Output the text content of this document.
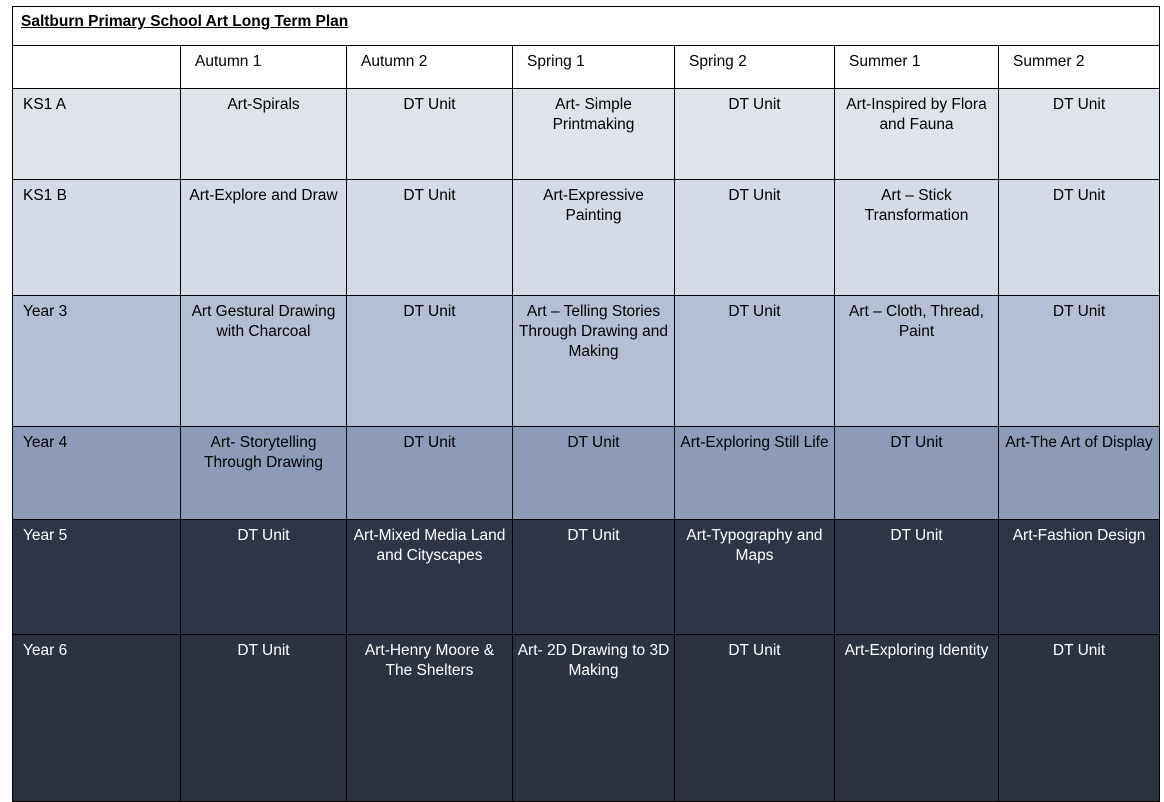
Saltburn Primary School Art Long Term Plan						
	Autumn 1	Autumn 2	Spring 1	Spring 2	Summer 1	Summer 2
KS1 A	Art-Spirals	DT Unit	Art- Simple Printmaking	DT Unit	Art-Inspired by Flora and Fauna	DT Unit
KS1 B	Art-Explore and Draw	DT Unit	Art-Expressive Painting	DT Unit	Art – Stick Transformation	DT Unit
Year 3	Art Gestural Drawing with Charcoal	DT Unit	Art – Telling Stories Through Drawing and Making	DT Unit	Art – Cloth, Thread, Paint	DT Unit
Year 4	Art- Storytelling Through Drawing	DT Unit	DT Unit	Art-Exploring Still Life	DT Unit	Art-The Art of Display
Year 5	DT Unit	Art-Mixed Media Land and Cityscapes	DT Unit	Art-Typography and Maps	DT Unit	Art-Fashion Design
Year 6	DT Unit	Art-Henry Moore & The Shelters	Art- 2D Drawing to 3D Making	DT Unit	Art-Exploring Identity	DT Unit
